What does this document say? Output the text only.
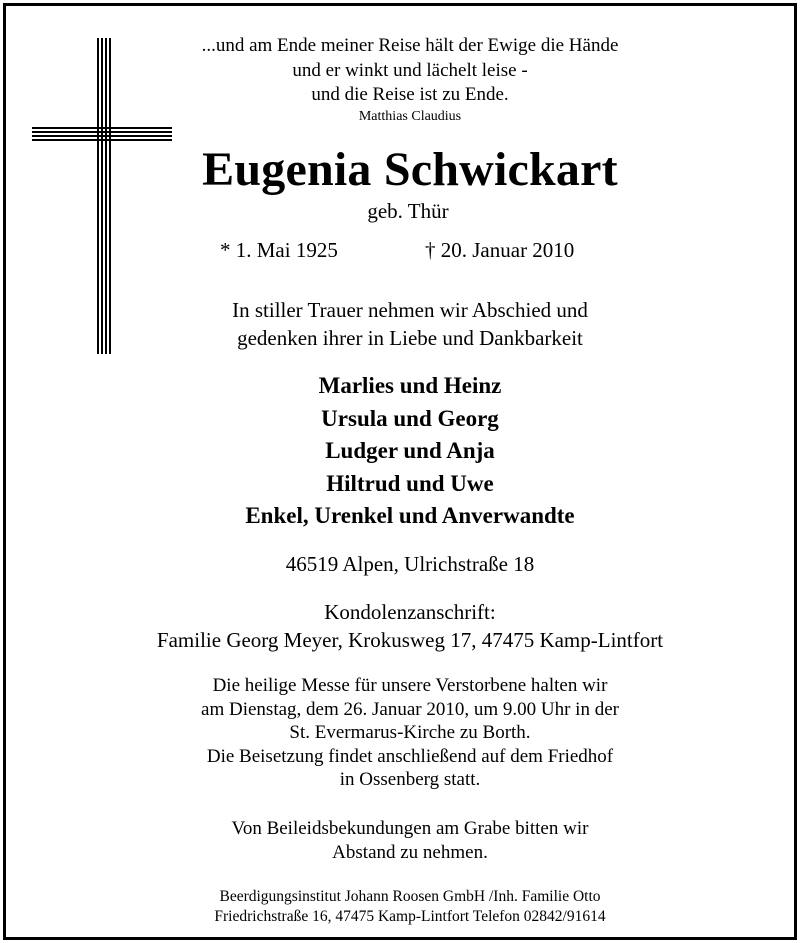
...und am Ende meiner Reise hält der Ewige die Hände
und er winkt und lächelt leise -
und die Reise ist zu Ende.
Matthias Claudius
Eugenia Schwickart
geb. Thür
* 1. Mai 1925	† 20. Januar 2010
In stiller Trauer nehmen wir Abschied und
gedenken ihrer in Liebe und Dankbarkeit
Marlies und Heinz
Ursula und Georg
Ludger und Anja
Hiltrud und Uwe
Enkel, Urenkel und Anverwandte
46519 Alpen, Ulrichstraße 18
Kondolenzanschrift:
Familie Georg Meyer, Krokusweg 17, 47475 Kamp-Lintfort
Die heilige Messe für unsere Verstorbene halten wir
am Dienstag, dem 26. Januar 2010, um 9.00 Uhr in der
St. Evermarus-Kirche zu Borth.
Die Beisetzung findet anschließend auf dem Friedhof
in Ossenberg statt.
Von Beileidsbekundungen am Grabe bitten wir
Abstand zu nehmen.
Beerdigungsinstitut Johann Roosen GmbH /Inh. Familie Otto
Friedrichstraße 16, 47475 Kamp-Lintfort Telefon 02842/91614
